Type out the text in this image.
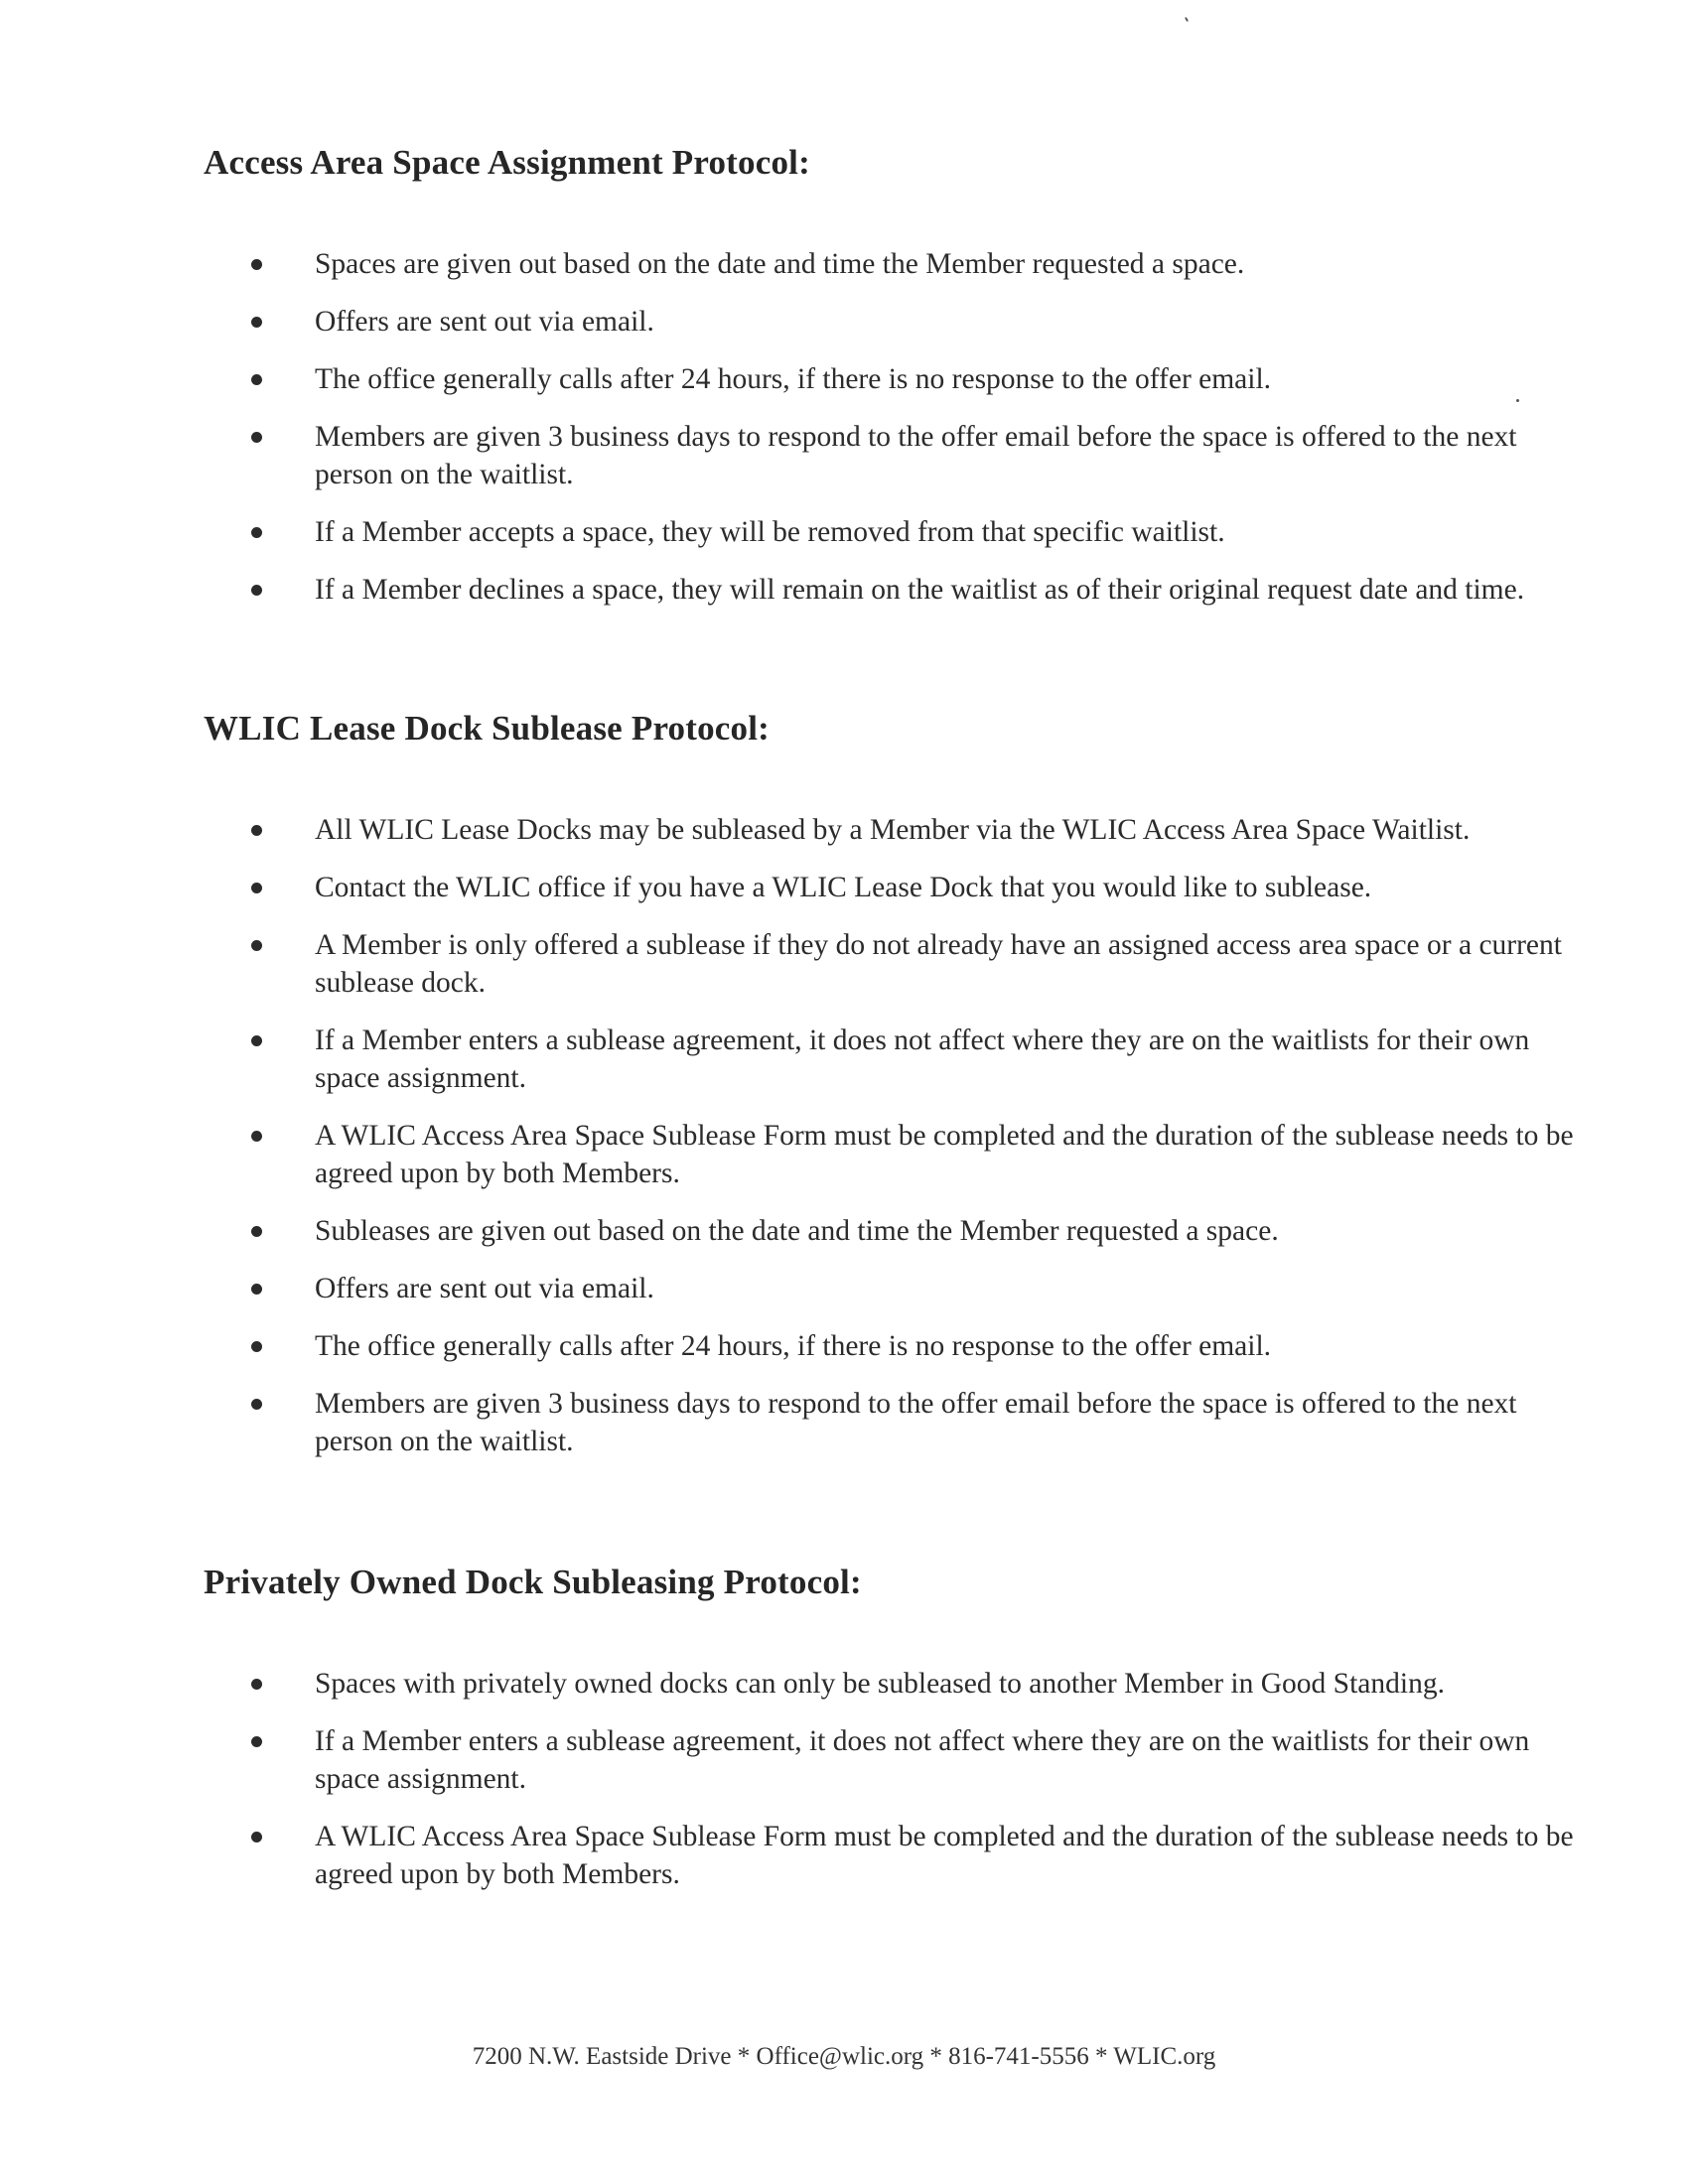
Access Area Space Assignment Protocol:
Spaces are given out based on the date and time the Member requested a space.
Offers are sent out via email.
The office generally calls after 24 hours, if there is no response to the offer email.
Members are given 3 business days to respond to the offer email before the space is offered to the next person on the waitlist.
If a Member accepts a space, they will be removed from that specific waitlist.
If a Member declines a space, they will remain on the waitlist as of their original request date and time.
WLIC Lease Dock Sublease Protocol:
All WLIC Lease Docks may be subleased by a Member via the WLIC Access Area Space Waitlist.
Contact the WLIC office if you have a WLIC Lease Dock that you would like to sublease.
A Member is only offered a sublease if they do not already have an assigned access area space or a current sublease dock.
If a Member enters a sublease agreement, it does not affect where they are on the waitlists for their own space assignment.
A WLIC Access Area Space Sublease Form must be completed and the duration of the sublease needs to be agreed upon by both Members.
Subleases are given out based on the date and time the Member requested a space.
Offers are sent out via email.
The office generally calls after 24 hours, if there is no response to the offer email.
Members are given 3 business days to respond to the offer email before the space is offered to the next person on the waitlist.
Privately Owned Dock Subleasing Protocol:
Spaces with privately owned docks can only be subleased to another Member in Good Standing.
If a Member enters a sublease agreement, it does not affect where they are on the waitlists for their own space assignment.
A WLIC Access Area Space Sublease Form must be completed and the duration of the sublease needs to be agreed upon by both Members.
7200 N.W. Eastside Drive * Office@wlic.org * 816-741-5556 * WLIC.org
